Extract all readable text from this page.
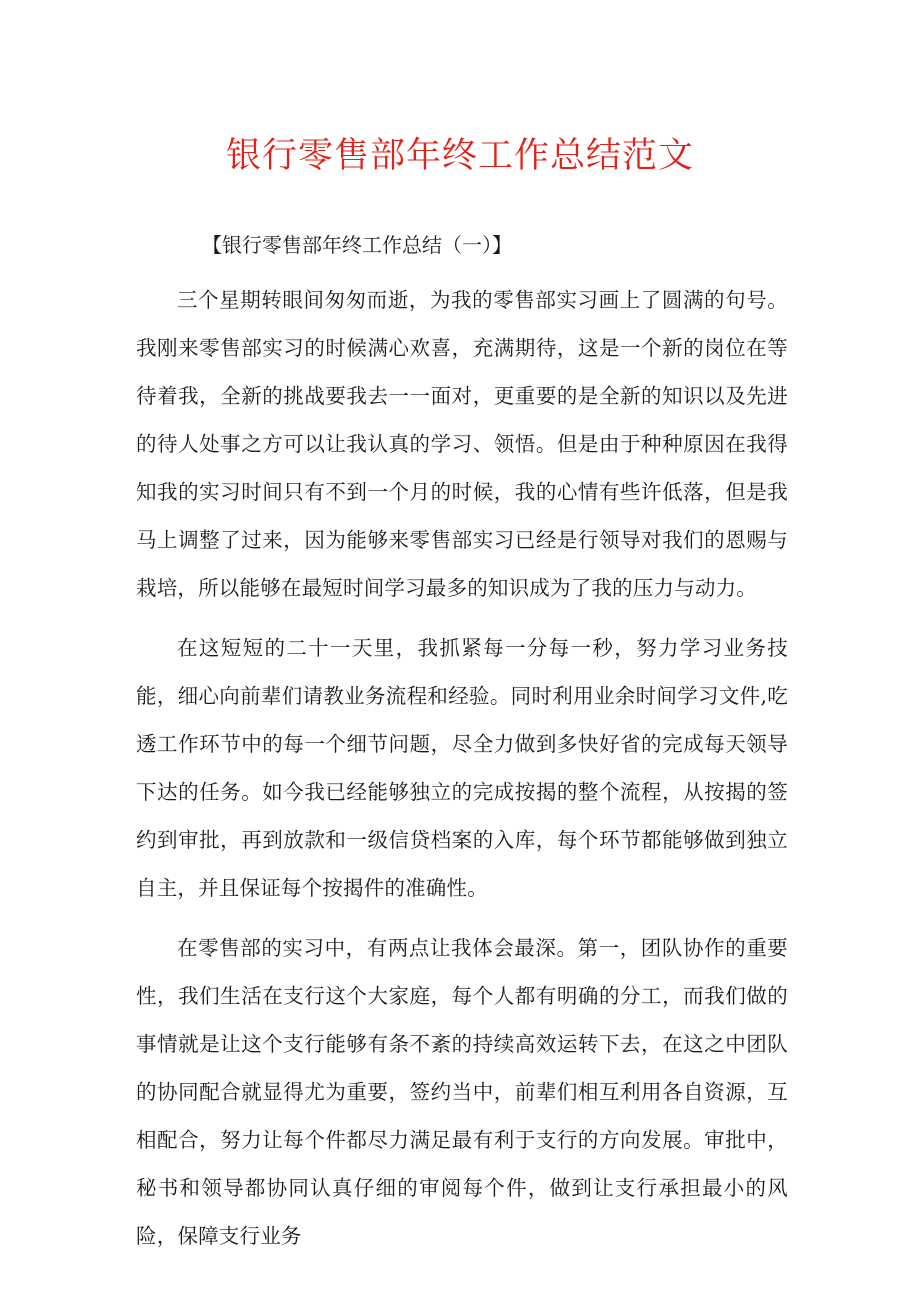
银行零售部年终工作总结范文

【银行零售部年终工作总结（一）】

三个星期转眼间匆匆而逝，为我的零售部实习画上了圆满的句号。我刚来零售部实习的时候满心欢喜，充满期待，这是一个新的岗位在等待着我，全新的挑战要我去一一面对，更重要的是全新的知识以及先进的待人处事之方可以让我认真的学习、领悟。但是由于种种原因在我得知我的实习时间只有不到一个月的时候，我的心情有些许低落，但是我马上调整了过来，因为能够来零售部实习已经是行领导对我们的恩赐与栽培，所以能够在最短时间学习最多的知识成为了我的压力与动力。

在这短短的二十一天里，我抓紧每一分每一秒，努力学习业务技能，细心向前辈们请教业务流程和经验。同时利用业余时间学习文件,吃透工作环节中的每一个细节问题，尽全力做到多快好省的完成每天领导下达的任务。如今我已经能够独立的完成按揭的整个流程，从按揭的签约到审批，再到放款和一级信贷档案的入库，每个环节都能够做到独立自主，并且保证每个按揭件的准确性。

在零售部的实习中，有两点让我体会最深。第一，团队协作的重要性，我们生活在支行这个大家庭，每个人都有明确的分工，而我们做的事情就是让这个支行能够有条不紊的持续高效运转下去，在这之中团队的协同配合就显得尤为重要，签约当中，前辈们相互利用各自资源，互相配合，努力让每个件都尽力满足最有利于支行的方向发展。审批中，秘书和领导都协同认真仔细的审阅每个件，做到让支行承担最小的风险，保障支行业务
